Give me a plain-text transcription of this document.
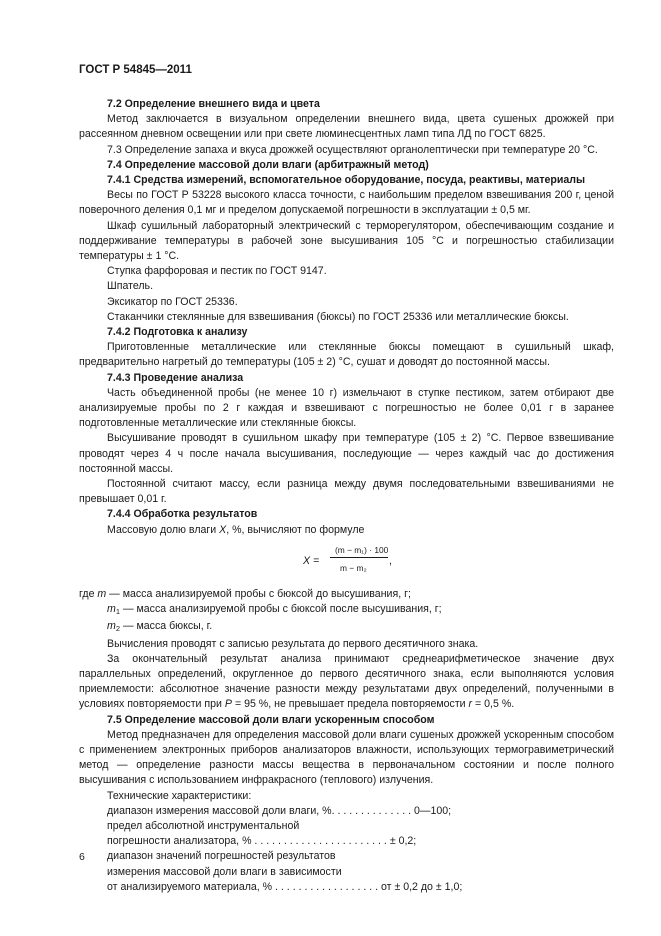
ГОСТ Р 54845—2011

7.2 Определение внешнего вида и цвета

Метод заключается в визуальном определении внешнего вида, цвета сушеных дрожжей при рассеянном дневном освещении или при свете люминесцентных ламп типа ЛД по ГОСТ 6825.

7.3 Определение запаха и вкуса дрожжей осуществляют органолептически при температуре 20 °С.

7.4 Определение массовой доли влаги (арбитражный метод)

7.4.1 Средства измерений, вспомогательное оборудование, посуда, реактивы, материалы

Весы по ГОСТ Р 53228 высокого класса точности, с наибольшим пределом взвешивания 200 г, ценой поверочного деления 0,1 мг и пределом допускаемой погрешности в эксплуатации ± 0,5 мг.

Шкаф сушильный лабораторный электрический с терморегулятором, обеспечивающим создание и поддерживание температуры в рабочей зоне высушивания 105 °С и погрешностью стабилизации температуры ± 1 °С.

Ступка фарфоровая и пестик по ГОСТ 9147.

Шпатель.

Эксикатор по ГОСТ 25336.

Стаканчики стеклянные для взвешивания (бюксы) по ГОСТ 25336 или металлические бюксы.

7.4.2 Подготовка к анализу

Приготовленные металлические или стеклянные бюксы помещают в сушильный шкаф, предварительно нагретый до температуры (105 ± 2) °С, сушат и доводят до постоянной массы.

7.4.3 Проведение анализа

Часть объединенной пробы (не менее 10 г) измельчают в ступке пестиком, затем отбирают две анализируемые пробы по 2 г каждая и взвешивают с погрешностью не более 0,01 г в заранее подготовленные металлические или стеклянные бюксы.

Высушивание проводят в сушильном шкафу при температуре (105 ± 2) °С. Первое взвешивание проводят через 4 ч после начала высушивания, последующие — через каждый час до достижения постоянной массы.

Постоянной считают массу, если разница между двумя последовательными взвешиваниями не превышает 0,01 г.

7.4.4 Обработка результатов

Массовую долю влаги X, %, вычисляют по формуле

X =
(m − m₁) · 100
m − m₂
,

где m — масса анализируемой пробы с бюксой до высушивания, г;

$m_1$ — масса анализируемой пробы с бюксой после высушивания, г;

$m_2$ — масса бюксы, г.

Вычисления проводят с записью результата до первого десятичного знака.

За окончательный результат анализа принимают среднеарифметическое значение двух параллельных определений, округленное до первого десятичного знака, если выполняются условия приемлемости: абсолютное значение разности между результатами двух определений, полученными в условиях повторяемости при Р = 95 %, не превышает предела повторяемости r = 0,5 %.

7.5 Определение массовой доли влаги ускоренным способом

Метод предназначен для определения массовой доли влаги сушеных дрожжей ускоренным способом с применением электронных приборов анализаторов влажности, использующих термогравиметрический метод — определение разности массы вещества в первоначальном состоянии и после полного высушивания с использованием инфракрасного (теплового) излучения.

Технические характеристики:

диапазон измерения массовой доли влаги, %. . . . . . . . . . . . . . 0—100;

предел абсолютной инструментальной

погрешности анализатора, % . . . . . . . . . . . . . . . . . . . . . . . ± 0,2;

диапазон значений погрешностей результатов

измерения массовой доли влаги в зависимости

от анализируемого материала, % . . . . . . . . . . . . . . . . . . от ± 0,2 до ± 1,0;

6
